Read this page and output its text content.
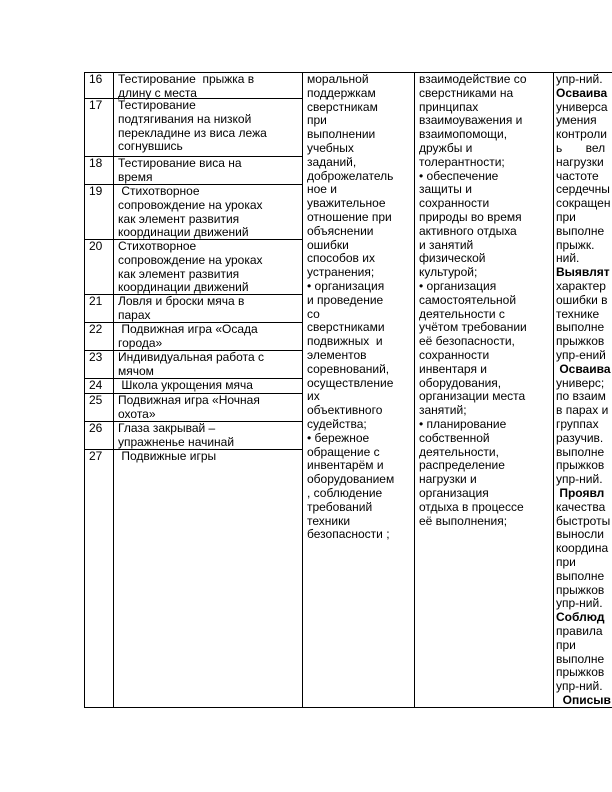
16 Тестирование  прыжка в
длину с места
17 Тестирование
подтягивания на низкой
перекладине из виса лежа
согнувшись
18 Тестирование виса на
время
19 Стихотворное
сопровождение на уроках
как элемент развития
координации движений
20 Стихотворное
сопровождение на уроках
как элемент развития
координации движений
21 Ловля и броски мяча в
парах
22 Подвижная игра «Осада
города»
23 Индивидуальная работа с
мячом
24 Школа укрощения мяча
25 Подвижная игра «Ночная
охота»
26 Глаза закрывай –
упражненье начинай
27 Подвижные игры
моральной
поддержкам
сверстникам
при
выполнении
учебных
заданий,
доброжелатель
ное и
уважительное
отношение при
объяснении
ошибки
способов их
устранения;
• организация
и проведение
со
сверстниками
подвижных  и
элементов
соревнований,
осуществление
их
объективного
судейства;
• бережное
обращение с
инвентарём и
оборудованием
, соблюдение
требований
техники
безопасности ;
взаимодействие со
сверстниками на
принципах
взаимоуважения и
взаимопомощи,
дружбы и
толерантности;
• обеспечение
защиты и
сохранности
природы во время
активного отдыха
и занятий
физической
культурой;
• организация
самостоятельной
деятельности с
учётом требовании
её безопасности,
сохранности
инвентаря и
оборудования,
организации места
занятий;
• планирование
собственной
деятельности,
распределение
нагрузки и
организация
отдыха в процессе
её выполнения;
упр-ний.
Осваива
универса
умения
контроли
ь       вел
нагрузки
частоте
сердечны
сокращен
при
выполне
прыжк.
ний.
Выявлят
характер
ошибки в
технике
выполне
прыжков
упр-ений
Осваива
универс;
по взаим
в парах и
группах
разучив.
выполне
прыжков
упр-ний.
Проявл
качества
быстроты
выносли
координа
при
выполне
прыжков
упр-ний.
Соблюд
правила
при
выполне
прыжков
упр-ний.
Описыв
